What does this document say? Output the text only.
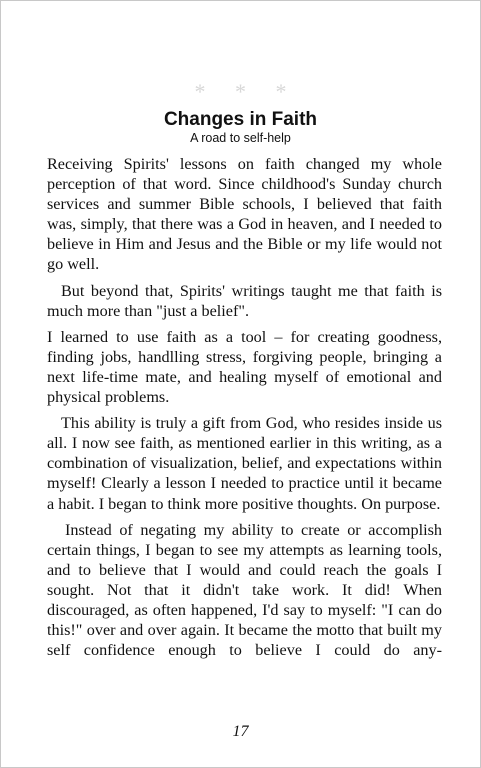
* * *
Changes in Faith
A road to self-help

Receiving Spirits' lessons on faith changed my whole perception of that word. Since childhood's Sunday church services and summer Bible schools, I believed that faith was, simply, that there was a God in heaven, and I needed to believe in Him and Jesus and the Bible or my life would not go well.

But beyond that, Spirits' writings taught me that faith is much more than "just a belief".

I learned to use faith as a tool – for creating goodness, finding jobs, handlling stress, forgiving people, bringing a next life-time mate, and healing myself of emotional and physical problems.

This ability is truly a gift from God, who resides inside us all. I now see faith, as mentioned earlier in this writing, as a combination of visualization, belief, and expectations within myself! Clearly a lesson I needed to practice until it became a habit. I began to think more positive thoughts. On purpose.

Instead of negating my ability to create or accomplish certain things, I began to see my attempts as learning tools, and to believe that I would and could reach the goals I sought. Not that it didn't take work. It did! When discouraged, as often happened, I'd say to myself: "I can do this!" over and over again. It became the motto that built my self confidence enough to believe I could do any-

17
